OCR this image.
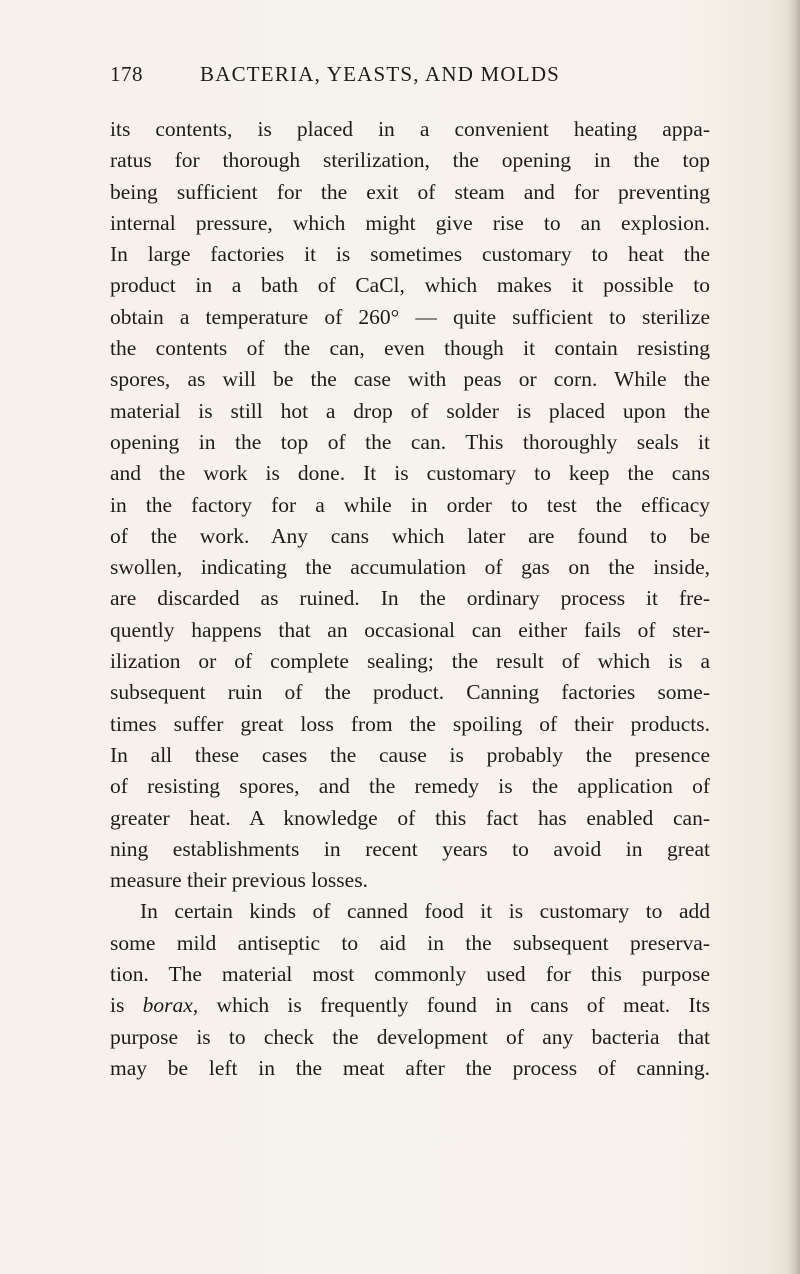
178	BACTERIA, YEASTS, AND MOLDS
its contents, is placed in a convenient heating appa-
ratus for thorough sterilization, the opening in the top
being sufficient for the exit of steam and for preventing
internal pressure, which might give rise to an explosion.
In large factories it is sometimes customary to heat the
product in a bath of CaCl, which makes it possible to
obtain a temperature of 260° — quite sufficient to sterilize
the contents of the can, even though it contain resisting
spores, as will be the case with peas or corn. While the
material is still hot a drop of solder is placed upon the
opening in the top of the can. This thoroughly seals it
and the work is done. It is customary to keep the cans
in the factory for a while in order to test the efficacy
of the work. Any cans which later are found to be
swollen, indicating the accumulation of gas on the inside,
are discarded as ruined. In the ordinary process it fre-
quently happens that an occasional can either fails of ster-
ilization or of complete sealing; the result of which is a
subsequent ruin of the product. Canning factories some-
times suffer great loss from the spoiling of their products.
In all these cases the cause is probably the presence
of resisting spores, and the remedy is the application of
greater heat. A knowledge of this fact has enabled can-
ning establishments in recent years to avoid in great
measure their previous losses.
In certain kinds of canned food it is customary to add
some mild antiseptic to aid in the subsequent preserva-
tion. The material most commonly used for this purpose
is borax, which is frequently found in cans of meat. Its
purpose is to check the development of any bacteria that
may be left in the meat after the process of canning.
